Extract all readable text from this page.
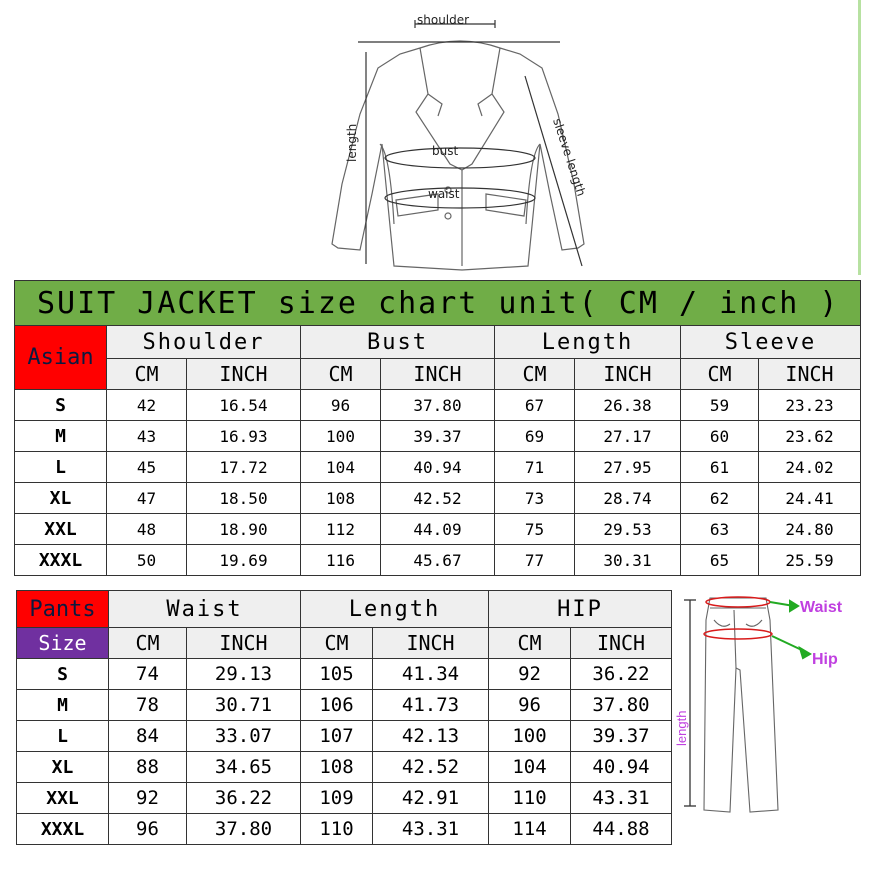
shoulder
length	sleeve length
bust
waist
SUIT JACKET size chart unit( CM / inch )								
Asian	Shoulder		Bust		Length		Sleeve	
	CM	INCH	CM	INCH	CM	INCH	CM	INCH
S	42	16.54	96	37.80	67	26.38	59	23.23
M	43	16.93	100	39.37	69	27.17	60	23.62
L	45	17.72	104	40.94	71	27.95	61	24.02
XL	47	18.50	108	42.52	73	28.74	62	24.41
XXL	48	18.90	112	44.09	75	29.53	63	24.80
XXXL	50	19.69	116	45.67	77	30.31	65	25.59
Pants	Waist		Length		HIP	
Size	CM	INCH	CM	INCH	CM	INCH
S	74	29.13	105	41.34	92	36.22
M	78	30.71	106	41.73	96	37.80
L	84	33.07	107	42.13	100	39.37
XL	88	34.65	108	42.52	104	40.94
XXL	92	36.22	109	42.91	110	43.31
XXXL	96	37.80	110	43.31	114	44.88
Waist
Hip
length
